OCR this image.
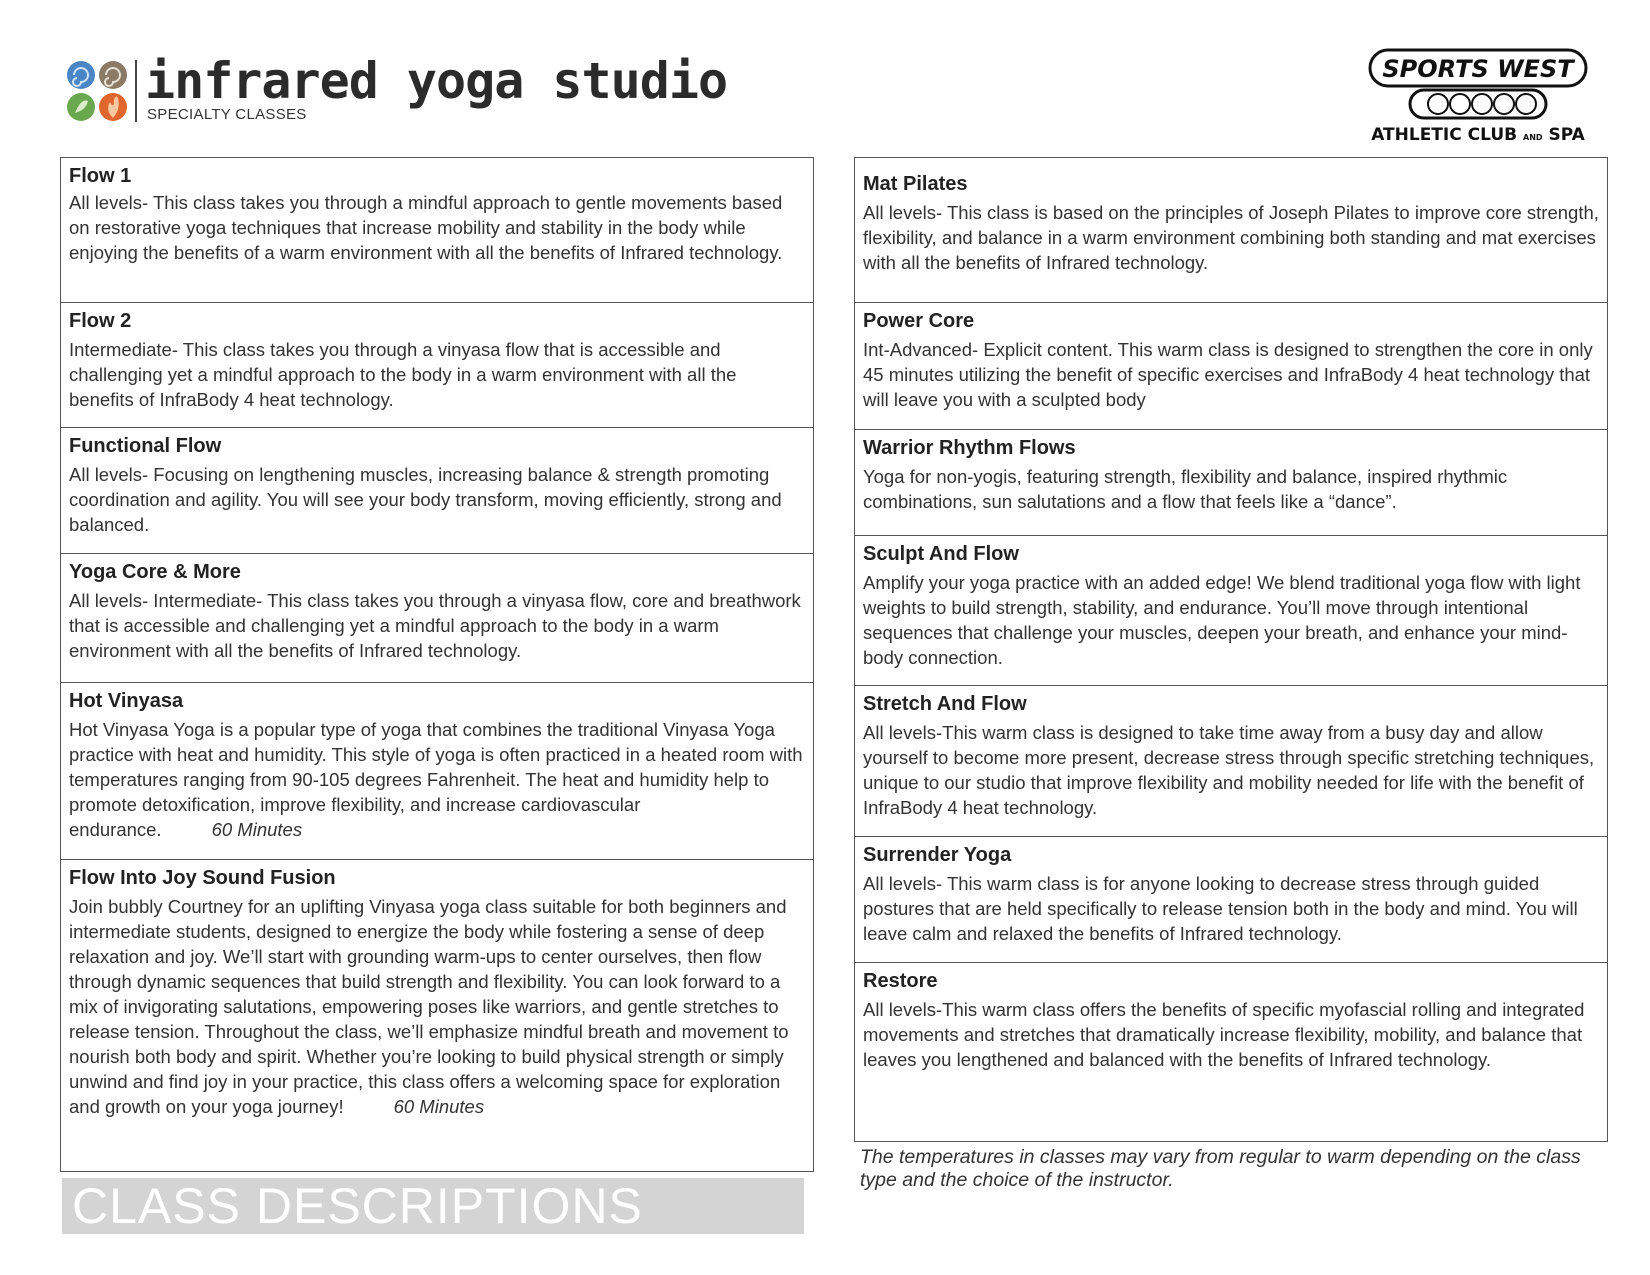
infrared yoga studio
SPECIALTY CLASSES
SPORTS WEST
ATHLETIC CLUB AND SPA

Flow 1

All levels- This class takes you through a mindful approach to gentle movements based on restorative yoga techniques that increase mobility and stability in the body while enjoying the benefits of a warm environment with all the benefits of Infrared technology.

Flow 2

Intermediate- This class takes you through a vinyasa flow that is accessible and challenging yet a mindful approach to the body in a warm environment with all the benefits of InfraBody 4 heat technology.

Functional Flow

All levels- Focusing on lengthening muscles, increasing balance & strength promoting coordination and agility. You will see your body transform, moving efficiently, strong and balanced.

Yoga Core & More

All levels- Intermediate- This class takes you through a vinyasa flow, core and breathwork that is accessible and challenging yet a mindful approach to the body in a warm environment with all the benefits of Infrared technology.

Hot Vinyasa

Hot Vinyasa Yoga is a popular type of yoga that combines the traditional Vinyasa Yoga practice with heat and humidity. This style of yoga is often practiced in a heated room with temperatures ranging from 90-105 degrees Fahrenheit. The heat and humidity help to promote detoxification, improve flexibility, and increase cardiovascular endurance.	60 Minutes

Flow Into Joy Sound Fusion

Join bubbly Courtney for an uplifting Vinyasa yoga class suitable for both beginners and intermediate students, designed to energize the body while fostering a sense of deep relaxation and joy. We’ll start with grounding warm-ups to center ourselves, then flow through dynamic sequences that build strength and flexibility. You can look forward to a mix of invigorating salutations, empowering poses like warriors, and gentle stretches to release tension. Throughout the class, we’ll emphasize mindful breath and movement to nourish both body and spirit. Whether you’re looking to build physical strength or simply unwind and find joy in your practice, this class offers a welcoming space for exploration and growth on your yoga journey!	60 Minutes

Mat Pilates

All levels- This class is based on the principles of Joseph Pilates to improve core strength, flexibility, and balance in a warm environment combining both standing and mat exercises with all the benefits of Infrared technology.

Power Core

Int-Advanced- Explicit content. This warm class is designed to strengthen the core in only 45 minutes utilizing the benefit of specific exercises and InfraBody 4 heat technology that will leave you with a sculpted body

Warrior Rhythm Flows

Yoga for non-yogis, featuring strength, flexibility and balance, inspired rhythmic combinations, sun salutations and a flow that feels like a “dance”.

Sculpt And Flow

Amplify your yoga practice with an added edge! We blend traditional yoga flow with light weights to build strength, stability, and endurance. You’ll move through intentional sequences that challenge your muscles, deepen your breath, and enhance your mind-body connection.

Stretch And Flow

All levels-This warm class is designed to take time away from a busy day and allow yourself to become more present, decrease stress through specific stretching techniques, unique to our studio that improve flexibility and mobility needed for life with the benefit of InfraBody 4 heat technology.

Surrender Yoga

All levels- This warm class is for anyone looking to decrease stress through guided postures that are held specifically to release tension both in the body and mind. You will leave calm and relaxed the benefits of Infrared technology.

Restore

All levels-This warm class offers the benefits of specific myofascial rolling and integrated movements and stretches that dramatically increase flexibility, mobility, and balance that leaves you lengthened and balanced with the benefits of Infrared technology.

The temperatures in classes may vary from regular to warm depending on the class type and the choice of the instructor.
CLASS DESCRIPTIONS
